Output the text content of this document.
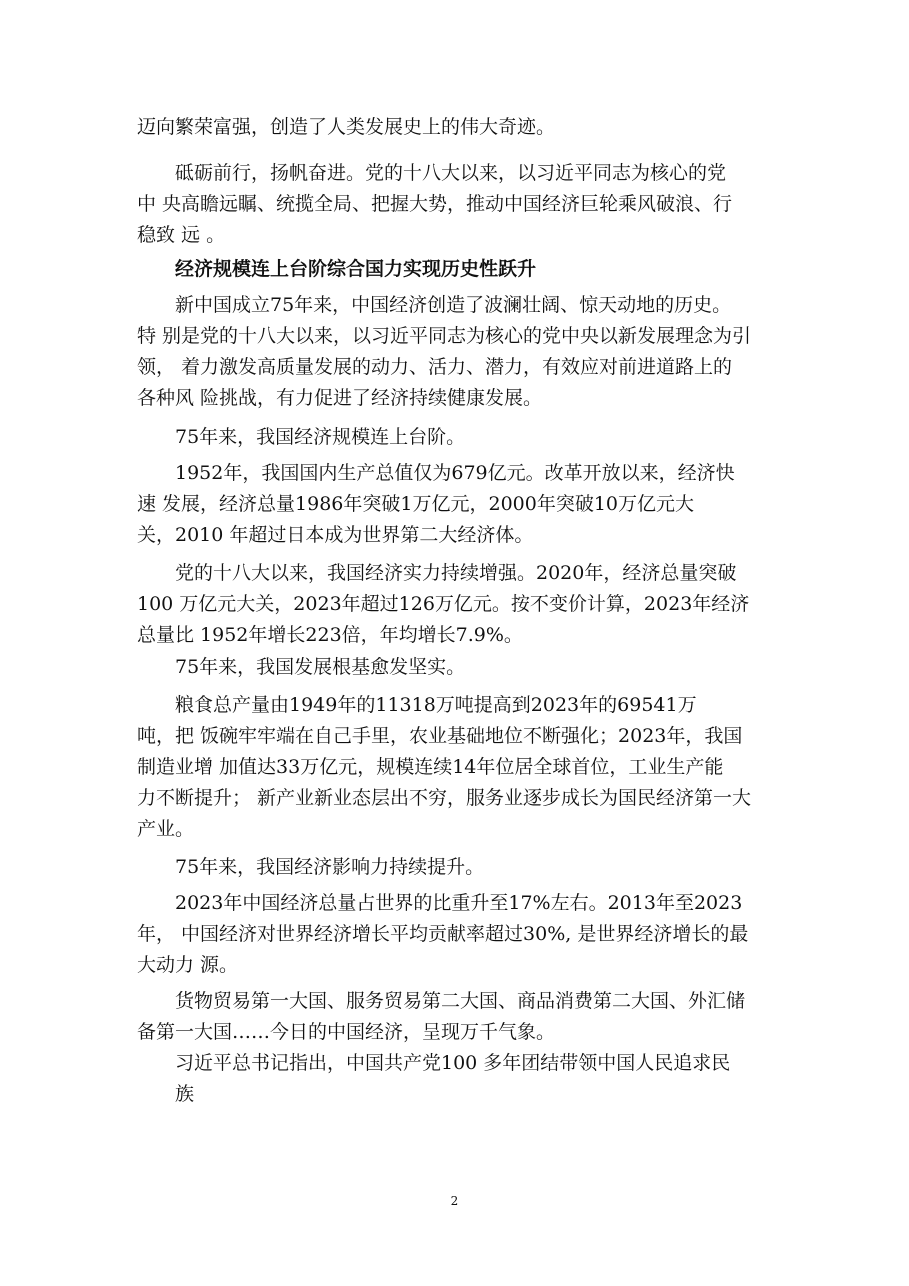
迈向繁荣富强，创造了人类发展史上的伟大奇迹。

砥砺前行，扬帆奋进。党的十八大以来，以习近平同志为核心的党
中 央高瞻远瞩、统揽全局、把握大势，推动中国经济巨轮乘风破浪、行
稳致 远 。

经济规模连上台阶综合国力实现历史性跃升

新中国成立75年来，中国经济创造了波澜壮阔、惊天动地的历史。
特 别是党的十八大以来，以习近平同志为核心的党中央以新发展理念为引
领， 着力激发高质量发展的动力、活力、潜力，有效应对前进道路上的
各种风 险挑战，有力促进了经济持续健康发展。

75年来，我国经济规模连上台阶。

1952年，我国国内生产总值仅为679亿元。改革开放以来，经济快
速 发展，经济总量1986年突破1万亿元，2000年突破10万亿元大
关，2010 年超过日本成为世界第二大经济体。

党的十八大以来，我国经济实力持续增强。2020年，经济总量突破
100 万亿元大关，2023年超过126万亿元。按不变价计算，2023年经济
总量比 1952年增长223倍，年均增长7.9%。

75年来，我国发展根基愈发坚实。

粮食总产量由1949年的11318万吨提高到2023年的69541万
吨，把 饭碗牢牢端在自己手里，农业基础地位不断强化；2023年，我国
制造业增 加值达33万亿元，规模连续14年位居全球首位，工业生产能
力不断提升； 新产业新业态层出不穷，服务业逐步成长为国民经济第一大
产业。

75年来，我国经济影响力持续提升。

2023年中国经济总量占世界的比重升至17%左右。2013年至2023
年， 中国经济对世界经济增长平均贡献率超过30%, 是世界经济增长的最
大动力 源。

货物贸易第一大国、服务贸易第二大国、商品消费第二大国、外汇储
备第一大国……今日的中国经济，呈现万千气象。

习近平总书记指出，中国共产党100 多年团结带领中国人民追求民
族

2
